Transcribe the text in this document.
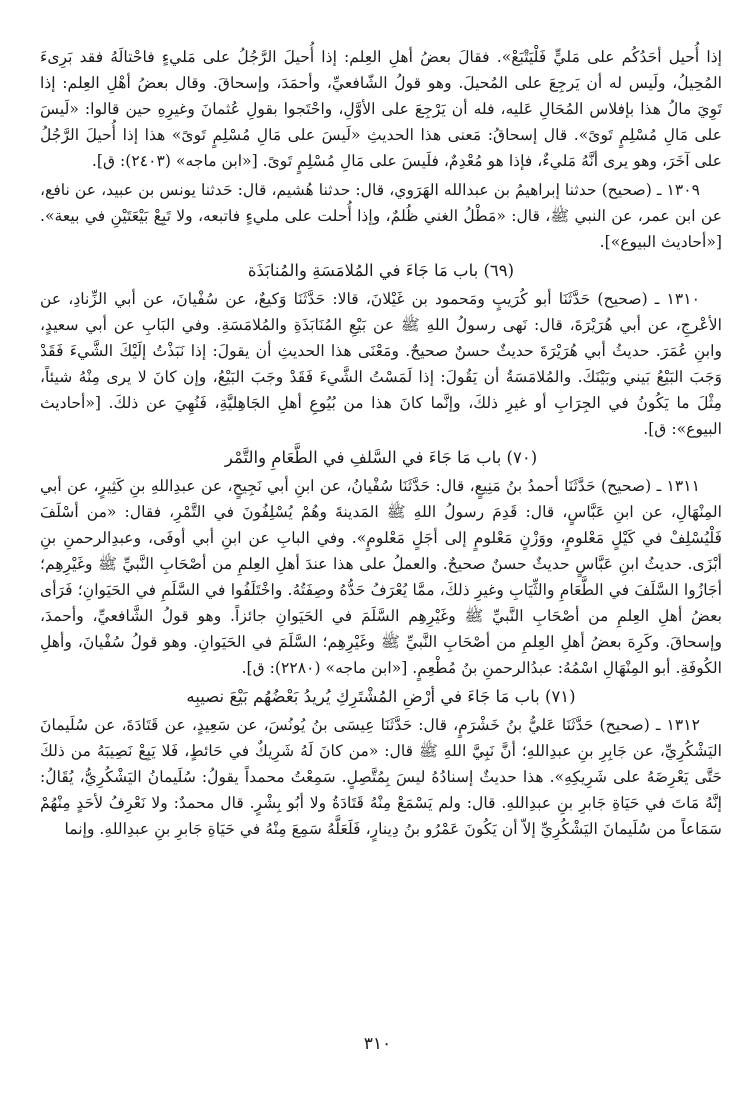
إذا أُحيل أحَدُكُم على مَليٍّ فَلْيَتْبَعْ». فقالَ بعضُ أهلِ العِلم: إذا أُحيلَ الرَّجُلُ على مَليءٍ فاحْتالَهُ فقد بَرِىءَ المُحِيلُ، ولَيس له أن يَرجِعَ على المُحيلَ. وهو قولُ الشّافعيِّ، وأحمَدَ، وإسحاقَ. وقال بعضُ أهْلِ العِلم: إذا تَوِيَ مالُ هذا بإفلاس المُحَالِ عَليه، فله أن يَرْجِعَ على الأوَّلِ، واحْتَجوا بقولِ عُثمانَ وغيرِهِ حين قالوا: «لَيسَ على مَالِ مُسْلِمٍ تَوىً». قال إسحاقُ: مَعنى هذا الحديثِ «لَيسَ على مَالِ مُسْلِمٍ تَوىً» هذا إذا أُحيلَ الرَّجُلُ على آخَرَ، وهو يرى أنَّهُ مَليءٌ، فإذا هو مُعْدِمٌ، فلَيسَ على مَالِ مُسْلِمٍ تَوىً. [«ابن ماجه» (٢٤٠٣): ق].

١٣٠٩ ـ (صحيح) حدثنا إبراهيمُ بن عبدالله الهَرَوي، قال: حدثنا هُشيم، قال: حَدثنا يونس بن عبيد، عن نافع، عن ابن عمر، عن النبي ﷺ، قال: «مَطْلُ الغني ظُلمٌ، وإذا أُحلت على مليءٍ فاتبعه، ولا تَبِعْ بَيْعَتَيْنِ في بيعة». [«أحاديث البيوع»].

(٦٩) باب مَا جَاءَ في المُلامَسَةِ والمُنابَذَة

١٣١٠ ـ (صحيح) حَدَّثَنَا أبو كُرَيبٍ ومَحمود بن غَيْلانَ، قالا: حَدَّثَنَا وَكيعٌ، عن سُفْيانَ، عن أبي الزِّنادِ، عن الأعْرجِ، عن أبي هُرَيْرَةَ، قال: نَهى رسولُ اللهِ ﷺ عن بَيْعِ المُنَابَذَةِ والمُلامَسَةِ. وفي البَابِ عن أبي سعيدٍ، وابنِ عُمَرَ. حديثُ أبي هُرَيْرَةَ حديثٌ حسنٌ صحيحٌ. ومَعْنَى هذا الحديثِ أن يقولَ: إذا نَبَذْتُ إلَيْكَ الشَّيءَ فَقَدْ وَجَبَ البَيْعُ بَيني وبَيْنَكَ. والمُلامَسَةُ أن يَقُولَ: إذا لَمَسْتُ الشَّيءَ فَقَدْ وجَبَ البَيْعُ، وإن كانَ لا يرى مِنْهُ شيئاً، مِثْلَ ما يَكُونُ في الجِرَابِ أو غيرِ ذلكَ، وإنَّما كانَ هذا من بُيُوعِ أهلِ الجَاهِليَّةِ، فَنُهِيَ عن ذلكَ. [«أحاديث البيوع»: ق].

(٧٠) باب مَا جَاءَ في السَّلفِ في الطَّعَامِ والتَّمْر

١٣١١ ـ (صحيح) حَدَّثَنَا أحمدُ بنُ مَنِيعٍ، قال: حَدَّثَنَا سُفْيانُ، عن ابنِ أبي نَجِيحٍ، عن عبدِاللهِ بنِ كَثِيرٍ، عن أبي المِنْهَالِ، عن ابنِ عَبَّاسٍ، قال: قَدِمَ رسولُ اللهِ ﷺ المَدينةَ وهُمْ يُسْلِفُونَ في التَّمْرِ، فقال: «من أسْلَفَ فَلْيُسْلِفْ في كَيْلٍ مَعْلومٍ، ووَزْنٍ مَعْلومٍ إلى أجَلٍ مَعْلومٍ». وفي البابِ عن ابنِ أبي أوفَى، وعبدِالرحمنِ بنِ أبْزَى. حديثُ ابنِ عَبَّاسٍ حديثٌ حسنٌ صحيحٌ. والعملُ على هذا عندَ أهلِ العِلمِ من أصْحَابِ النَّبيِّ ﷺ وغَيْرِهِم؛ أجَازُوا السَّلَفَ في الطَّعَامِ والثِّيَابِ وغيرِ ذلكَ، ممَّا يُعْرَفُ حَدُّهُ وصِفَتُهُ. واخْتَلَفُوا في السَّلَمِ في الحَيَوانِ؛ فَرَأى بعضُ أهلِ العِلمِ من أصْحَابِ النَّبيِّ ﷺ وغَيْرِهِم السَّلَمَ في الحَيَوانِ جائزاً. وهو قولُ الشَّافعيِّ، وأحمدَ، وإسحاقَ. وكَرِهَ بعضُ أهلِ العِلمِ من أصْحَابِ النَّبيِّ ﷺ وغَيْرِهِم؛ السَّلَمَ في الحَيَوانِ. وهو قولُ سُفْيانَ، وأهلِ الكُوفَةِ. أبو المِنْهَالِ اسْمُهُ: عبدُالرحمنِ بنُ مُطْعِمٍ. [«ابن ماجه» (٢٢٨٠): ق].

(٧١) باب مَا جَاءَ في أرْضِ المُشْتَرِكِ يُريدُ بَعْضُهُم بَيْعَ نصيبِه

١٣١٢ ـ (صحيح) حَدَّثَنَا عَليُّ بنُ خَشْرَمٍ، قال: حَدَّثَنَا عِيسَى بنُ يُونُسَ، عن سَعِيدٍ، عن قَتَادَةَ، عن سُلَيمانَ اليَشْكُرِيِّ، عن جَابِرِ بنِ عبدِاللهِ؛ أنَّ نَبِيَّ اللهِ ﷺ قال: «من كانَ لَهُ شَرِيكٌ في حَائطٍ، فَلا يَبِعْ نَصِيبَهُ من ذلكَ حَتَّى يَعْرِضَهُ على شَرِيكِهِ». هذا حديثٌ إسنادُهُ ليسَ بِمُتَّصِلٍ. سَمِعْتُ محمداً يقولُ: سُلَيمانُ اليَشْكُرِيُّ، يُقَالُ: إنَّهُ مَاتَ في حَيَاةِ جَابرِ بنِ عبدِاللهِ. قال: ولم يَسْمَعْ مِنْهُ قَتَادَةُ ولا أبُو بِشْرٍ. قال محمدٌ: ولا نَعْرِفُ لأحَدٍ مِنْهُمْ سَمَاعاً من سُلَيمانَ اليَشْكُرِيِّ إلاّ أن يَكُونَ عَمْرُو بنُ دِينارٍ، فَلَعَلَّهُ سَمِعَ مِنْهُ في حَيَاةِ جَابرِ بنِ عبدِاللهِ. وإنما

٣١٠
